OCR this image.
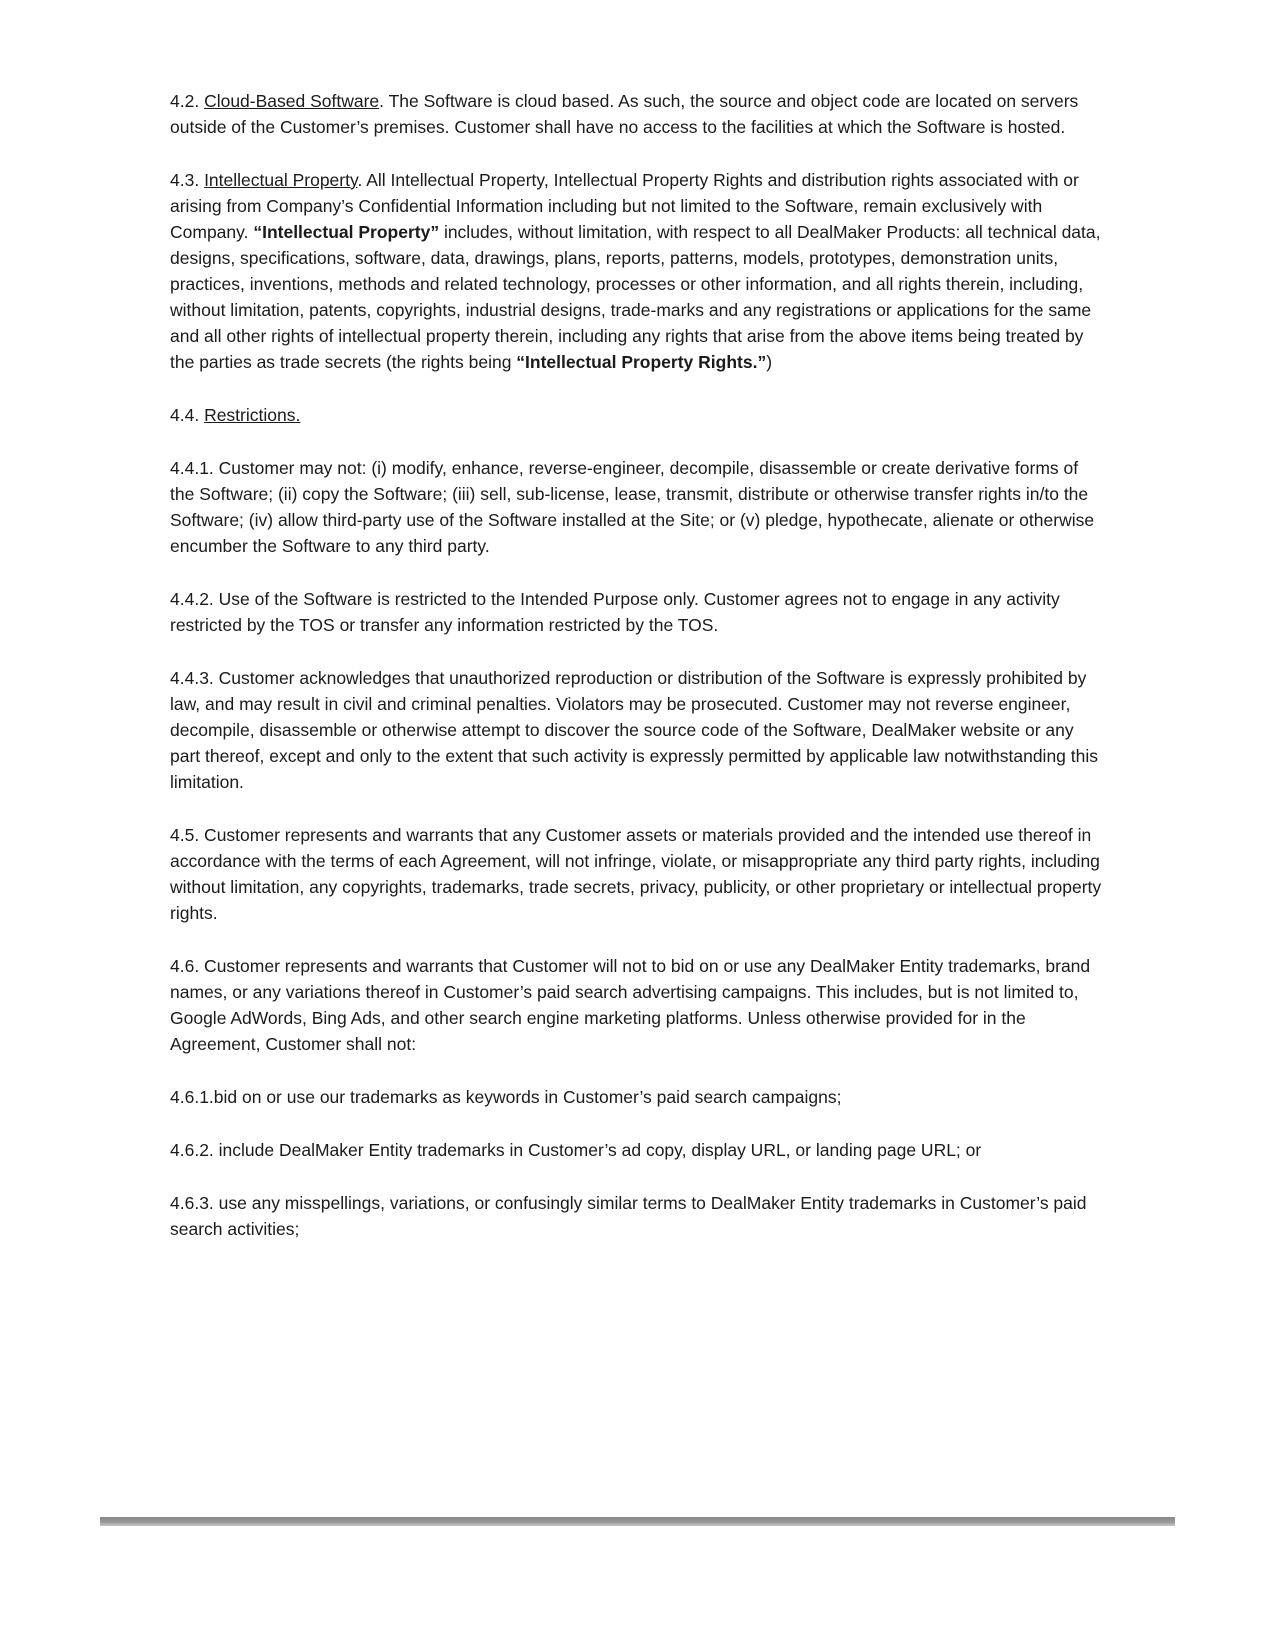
4.2. Cloud-Based Software. The Software is cloud based. As such, the source and object code are located on servers outside of the Customer’s premises. Customer shall have no access to the facilities at which the Software is hosted.

4.3. Intellectual Property. All Intellectual Property, Intellectual Property Rights and distribution rights associated with or arising from Company’s Confidential Information including but not limited to the Software, remain exclusively with Company. “Intellectual Property” includes, without limitation, with respect to all DealMaker Products: all technical data, designs, specifications, software, data, drawings, plans, reports, patterns, models, prototypes, demonstration units, practices, inventions, methods and related technology, processes or other information, and all rights therein, including, without limitation, patents, copyrights, industrial designs, trade-marks and any registrations or applications for the same and all other rights of intellectual property therein, including any rights that arise from the above items being treated by the parties as trade secrets (the rights being “Intellectual Property Rights.”)

4.4. Restrictions.

4.4.1. Customer may not: (i) modify, enhance, reverse-engineer, decompile, disassemble or create derivative forms of the Software; (ii) copy the Software; (iii) sell, sub-license, lease, transmit, distribute or otherwise transfer rights in/to the Software; (iv) allow third-party use of the Software installed at the Site; or (v) pledge, hypothecate, alienate or otherwise encumber the Software to any third party.

4.4.2. Use of the Software is restricted to the Intended Purpose only. Customer agrees not to engage in any activity restricted by the TOS or transfer any information restricted by the TOS.

4.4.3. Customer acknowledges that unauthorized reproduction or distribution of the Software is expressly prohibited by law, and may result in civil and criminal penalties. Violators may be prosecuted. Customer may not reverse engineer, decompile, disassemble or otherwise attempt to discover the source code of the Software, DealMaker website or any part thereof, except and only to the extent that such activity is expressly permitted by applicable law notwithstanding this limitation.

4.5. Customer represents and warrants that any Customer assets or materials provided and the intended use thereof in accordance with the terms of each Agreement, will not infringe, violate, or misappropriate any third party rights, including without limitation, any copyrights, trademarks, trade secrets, privacy, publicity, or other proprietary or intellectual property rights.

4.6. Customer represents and warrants that Customer will not to bid on or use any DealMaker Entity trademarks, brand names, or any variations thereof in Customer’s paid search advertising campaigns. This includes, but is not limited to, Google AdWords, Bing Ads, and other search engine marketing platforms. Unless otherwise provided for in the Agreement, Customer shall not:

4.6.1.bid on or use our trademarks as keywords in Customer’s paid search campaigns;

4.6.2. include DealMaker Entity trademarks in Customer’s ad copy, display URL, or landing page URL; or

4.6.3. use any misspellings, variations, or confusingly similar terms to DealMaker Entity trademarks in Customer’s paid search activities;
